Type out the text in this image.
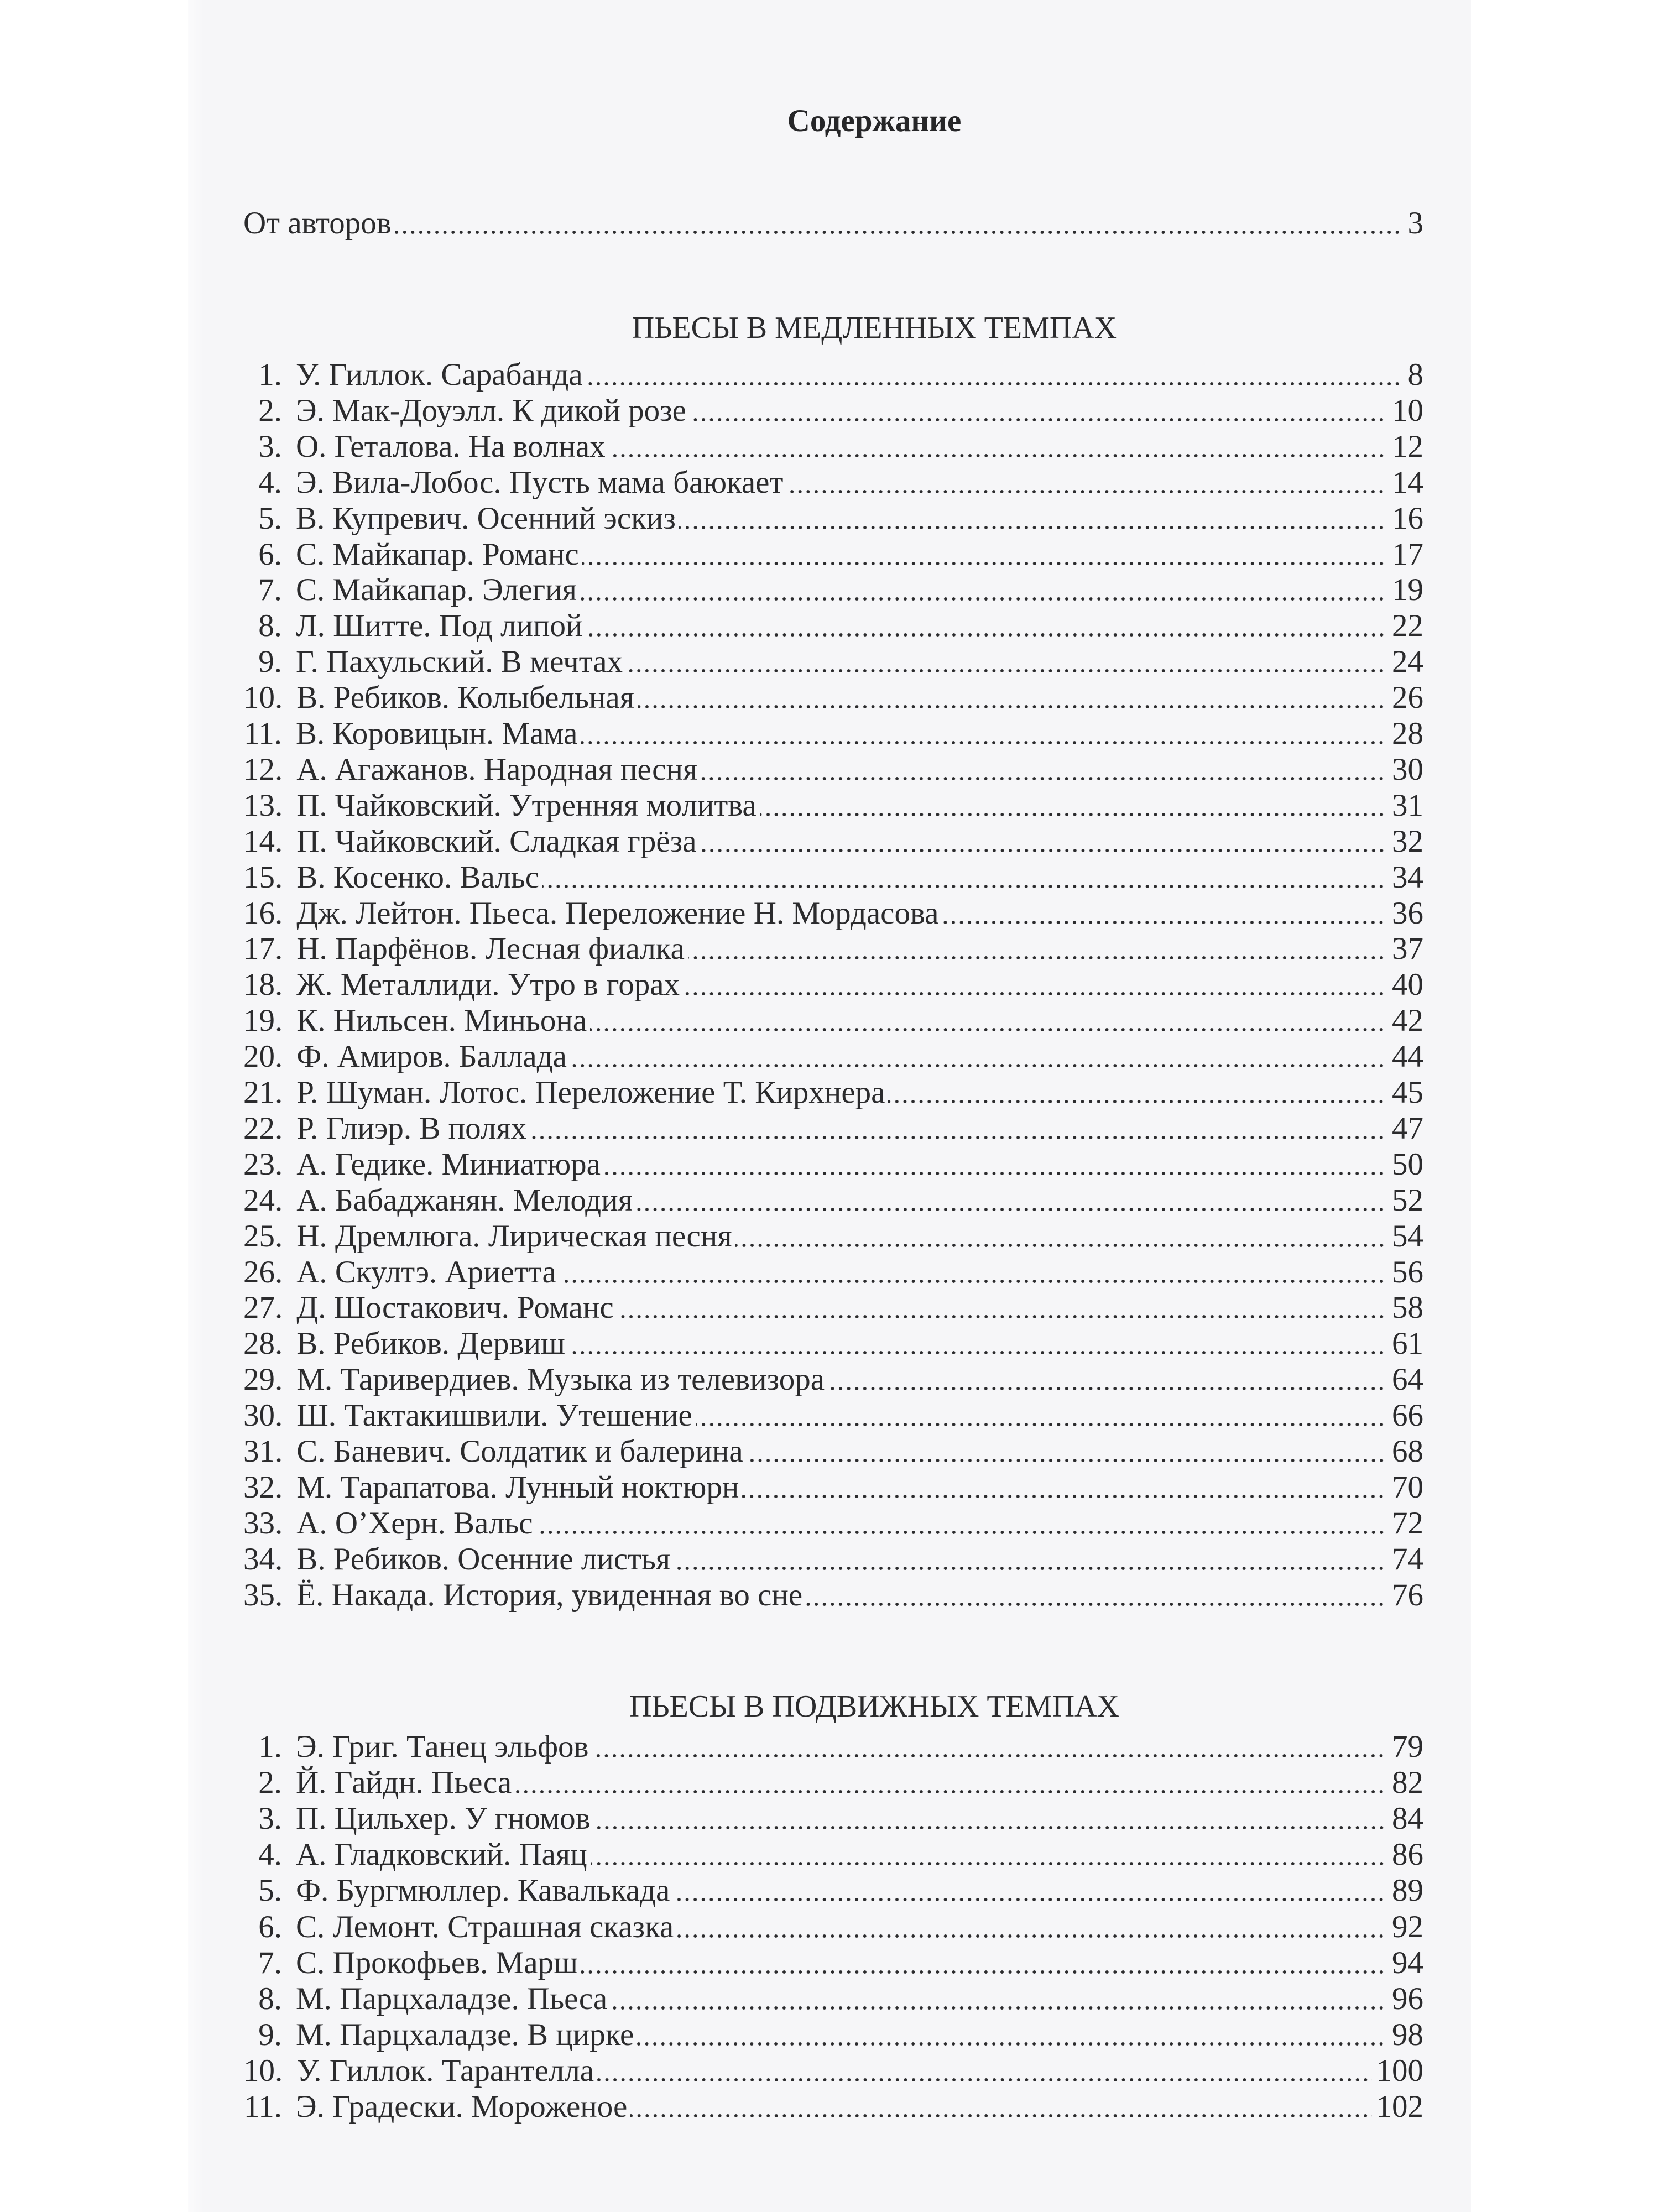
Содержание
От авторов	3
ПЬЕСЫ В МЕДЛЕННЫХ ТЕМПАХ
1. У. Гиллок. Сарабанда	8
2. Э. Мак-Доуэлл. К дикой розе	10
3. О. Геталова. На волнах	12
4. Э. Вила-Лобос. Пусть мама баюкает	14
5. В. Купревич. Осенний эскиз	16
6. С. Майкапар. Романс	17
7. С. Майкапар. Элегия	19
8. Л. Шитте. Под липой	22
9. Г. Пахульский. В мечтах	24
10. В. Ребиков. Колыбельная	26
11. В. Коровицын. Мама	28
12. А. Агажанов. Народная песня	30
13. П. Чайковский. Утренняя молитва	31
14. П. Чайковский. Сладкая грёза	32
15. В. Косенко. Вальс	34
16. Дж. Лейтон. Пьеса. Переложение Н. Мордасова	36
17. Н. Парфёнов. Лесная фиалка	37
18. Ж. Металлиди. Утро в горах	40
19. К. Нильсен. Миньона	42
20. Ф. Амиров. Баллада	44
21. Р. Шуман. Лотос. Переложение Т. Кирхнера	45
22. Р. Глиэр. В полях	47
23. А. Гедике. Миниатюра	50
24. А. Бабаджанян. Мелодия	52
25. Н. Дремлюга. Лирическая песня	54
26. А. Скултэ. Ариетта	56
27. Д. Шостакович. Романс	58
28. В. Ребиков. Дервиш	61
29. М. Таривердиев. Музыка из телевизора	64
30. Ш. Тактакишвили. Утешение	66
31. С. Баневич. Солдатик и балерина	68
32. М. Тарапатова. Лунный ноктюрн	70
33. А. О’Херн. Вальс	72
34. В. Ребиков. Осенние листья	74
35. Ё. Накада. История, увиденная во сне	76
ПЬЕСЫ В ПОДВИЖНЫХ ТЕМПАХ
1. Э. Григ. Танец эльфов	79
2. Й. Гайдн. Пьеса	82
3. П. Цильхер. У гномов	84
4. А. Гладковский. Паяц	86
5. Ф. Бургмюллер. Кавалькада	89
6. С. Лемонт. Страшная сказка	92
7. С. Прокофьев. Марш	94
8. М. Парцхаладзе. Пьеса	96
9. М. Парцхаладзе. В цирке	98
10. У. Гиллок. Тарантелла	100
11. Э. Градески. Мороженое	102
